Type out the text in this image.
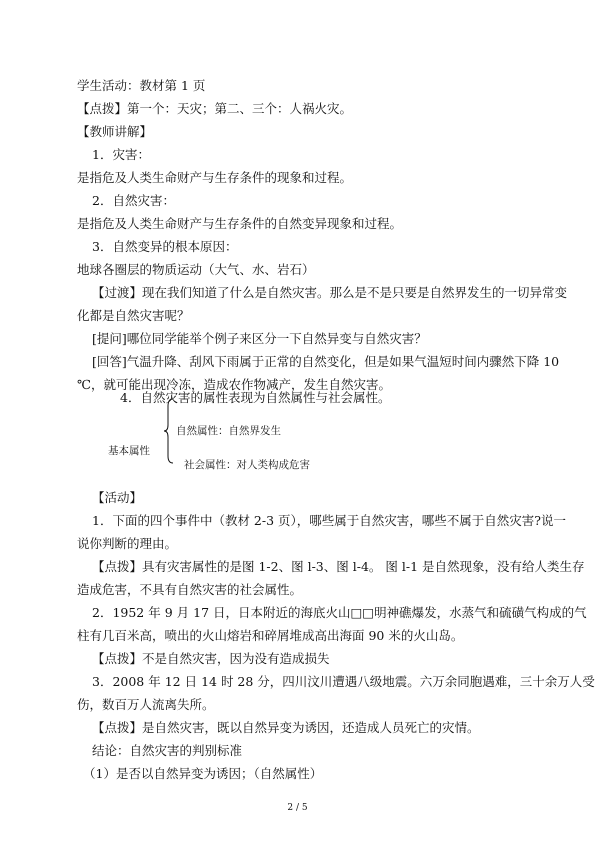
学生活动：教材第 1 页
【点拨】第一个：天灾；第二、三个：人祸火灾。
【教师讲解】
1．灾害：
是指危及人类生命财产与生存条件的现象和过程。
2．自然灾害：
是指危及人类生命财产与生存条件的自然变异现象和过程。
3．自然变异的根本原因：
地球各圈层的物质运动（大气、水、岩石）
【过渡】现在我们知道了什么是自然灾害。那么是不是只要是自然界发生的一切异常变
化都是自然灾害呢？
[提问]哪位同学能举个例子来区分一下自然异变与自然灾害？
[回答]气温升降、刮风下雨属于正常的自然变化，但是如果气温短时间内骤然下降 10
℃，就可能出现冷冻，造成农作物减产，发生自然灾害。
4．自然灾害的属性表现为自然属性与社会属性。
基本属性
自然属性：自然界发生
社会属性：对人类构成危害
【活动】
1．下面的四个事件中（教材 2-3 页），哪些属于自然灾害，哪些不属于自然灾害?说一
说你判断的理由。
【点拨】具有灾害属性的是图 1-2、图 l-3、图 l-4。 图 l-1 是自然现象，没有给人类生存
造成危害，不具有自然灾害的社会属性。
2．1952 年 9 月 17 日，日本附近的海底火山□□明神礁爆发，水蒸气和硫磺气构成的气
柱有几百米高，喷出的火山熔岩和碎屑堆成高出海面 90 米的火山岛。
【点拨】不是自然灾害，因为没有造成损失
3．2008 年 12 日 14 时 28 分，四川汶川遭遇八级地震。六万余同胞遇难，三十余万人受
伤，数百万人流离失所。
【点拨】是自然灾害，既以自然异变为诱因，还造成人员死亡的灾情。
结论：自然灾害的判别标准
（1）是否以自然异变为诱因；（自然属性）
2 / 5
